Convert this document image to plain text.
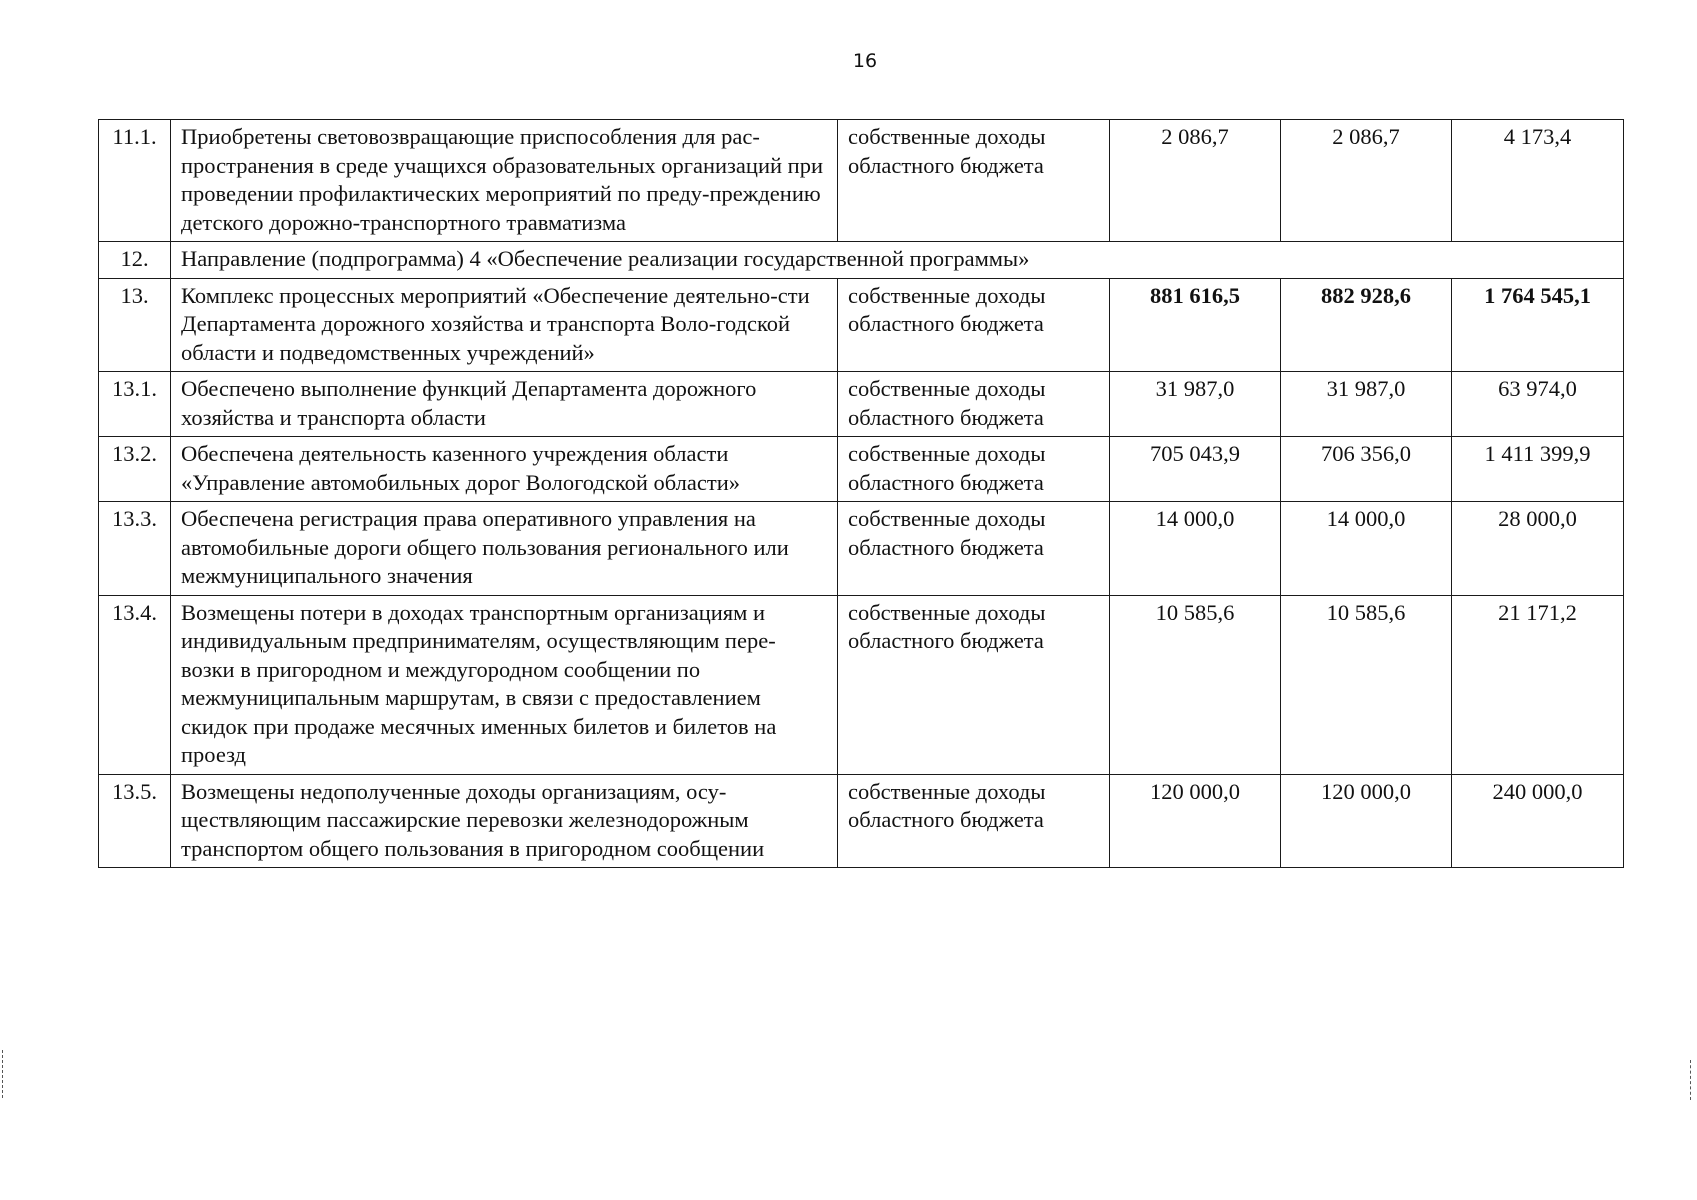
16
11.1.	Приобретены световозвращающие приспособления для рас-пространения в среде учащихся образовательных организаций при проведении профилактических мероприятий по преду-преждению детского дорожно-транспортного травматизма	собственные доходы областного бюджета	2 086,7	2 086,7	4 173,4
12.	Направление (подпрограмма) 4 «Обеспечение реализации государственной программы»				
13.	Комплекс процессных мероприятий «Обеспечение деятельно-сти Департамента дорожного хозяйства и транспорта Воло-годской области и подведомственных учреждений»	собственные доходы областного бюджета	881 616,5	882 928,6	1 764 545,1
13.1.	Обеспечено выполнение функций Департамента дорожного хозяйства и транспорта области	собственные доходы областного бюджета	31 987,0	31 987,0	63 974,0
13.2.	Обеспечена деятельность казенного учреждения области «Управление автомобильных дорог Вологодской области»	собственные доходы областного бюджета	705 043,9	706 356,0	1 411 399,9
13.3.	Обеспечена регистрация права оперативного управления на автомобильные дороги общего пользования регионального или межмуниципального значения	собственные доходы областного бюджета	14 000,0	14 000,0	28 000,0
13.4.	Возмещены потери в доходах транспортным организациям и индивидуальным предпринимателям, осуществляющим пере-возки в пригородном и междугородном сообщении по межмуниципальным маршрутам, в связи с предоставлением скидок при продаже месячных именных билетов и билетов на проезд	собственные доходы областного бюджета	10 585,6	10 585,6	21 171,2
13.5.	Возмещены недополученные доходы организациям, осу-ществляющим пассажирские перевозки железнодорожным транспортом общего пользования в пригородном сообщении	собственные доходы областного бюджета	120 000,0	120 000,0	240 000,0
